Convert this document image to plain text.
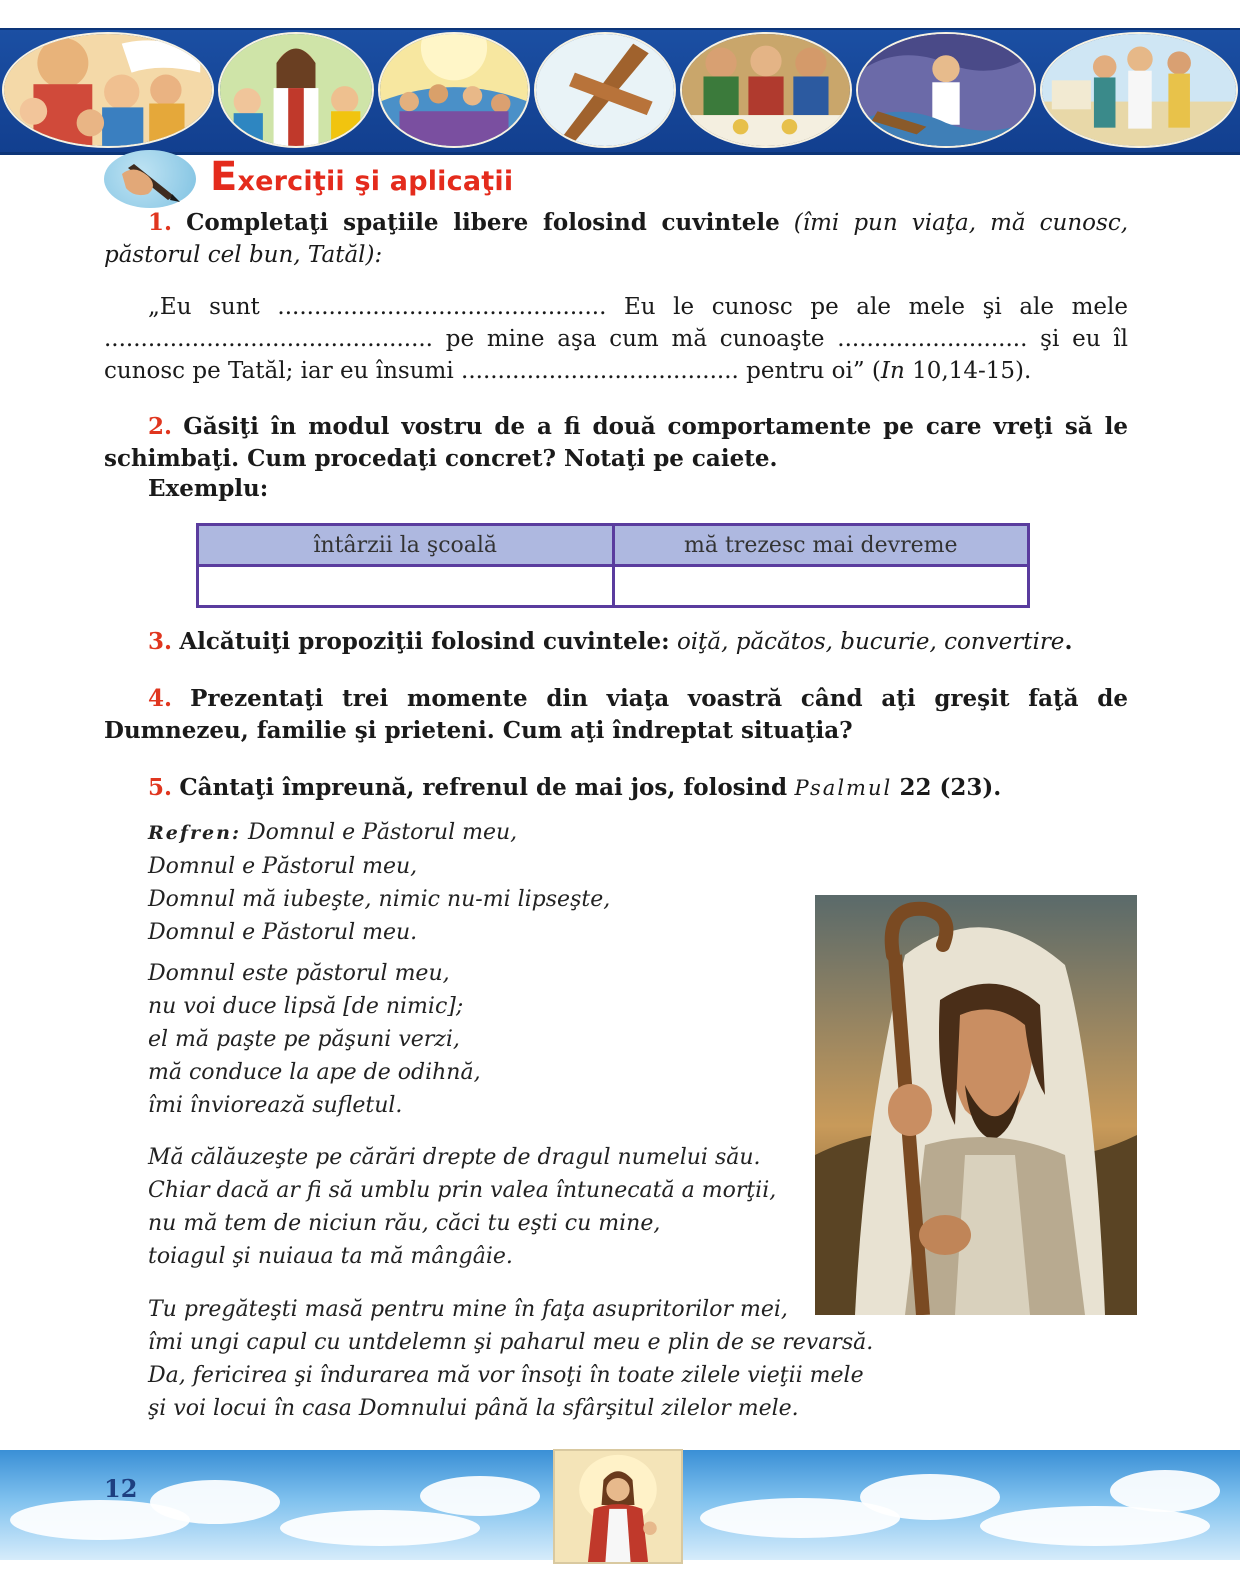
Exerciţii şi aplicaţii
1. Completaţi spaţiile libere folosind cuvintele (îmi pun viaţa, mă cunosc, păstorul cel bun, Tatăl):
„Eu sunt ............................................. Eu le cunosc pe ale mele şi ale mele ............................................. pe mine aşa cum mă cunoaşte .......................... şi eu îl cunosc pe Tatăl; iar eu însumi ...................................... pentru oi” (In 10,14-15).
2. Găsiţi în modul vostru de a fi două comportamente pe care vreţi să le schimbaţi. Cum procedaţi concret? Notaţi pe caiete.
Exemplu:
întârzii la şcoală	mă trezesc mai devreme

3. Alcătuiţi propoziţii folosind cuvintele: oiţă, păcătos, bucurie, convertire.
4. Prezentaţi trei momente din viaţa voastră când aţi greşit faţă de Dumnezeu, familie şi prieteni. Cum aţi îndreptat situaţia?
5. Cântaţi împreună, refrenul de mai jos, folosind Psalmul 22 (23).
Refren: Domnul e Păstorul meu,
Domnul e Păstorul meu,
Domnul mă iubeşte, nimic nu-mi lipseşte,
Domnul e Păstorul meu.
Domnul este păstorul meu,
nu voi duce lipsă [de nimic];
el mă paşte pe păşuni verzi,
mă conduce la ape de odihnă,
îmi înviorează sufletul.
Mă călăuzeşte pe cărări drepte de dragul numelui său.
Chiar dacă ar fi să umblu prin valea întunecată a morţii,
nu mă tem de niciun rău, căci tu eşti cu mine,
toiagul şi nuiaua ta mă mângâie.
Tu pregăteşti masă pentru mine în faţa asupritorilor mei,
îmi ungi capul cu untdelemn şi paharul meu e plin de se revarsă.
Da, fericirea şi îndurarea mă vor însoţi în toate zilele vieţii mele
şi voi locui în casa Domnului până la sfârşitul zilelor mele.
12
